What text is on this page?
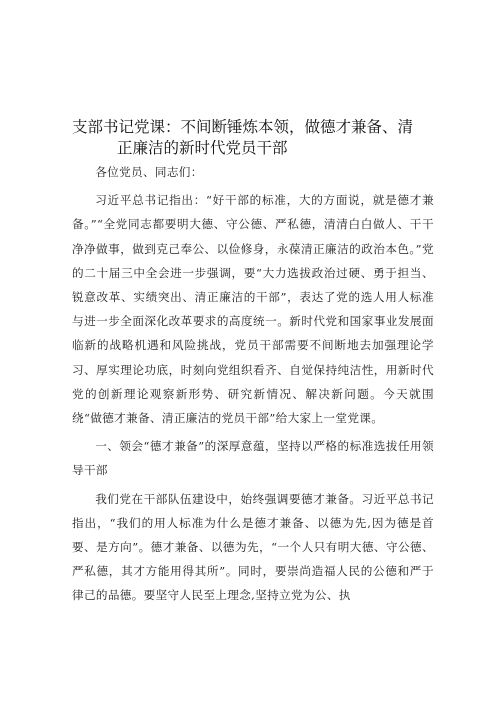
支部书记党课：不间断锤炼本领，做德才兼备、清
正廉洁的新时代党员干部

各位党员、同志们：

习近平总书记指出：“好干部的标准，大的方面说，就是德才兼备。”“全党同志都要明大德、守公德、严私德，清清白白做人、干干净净做事，做到克己奉公、以俭修身，永葆清正廉洁的政治本色。”党的二十届三中全会进一步强调，要“大力选拔政治过硬、勇于担当、锐意改革、实绩突出、清正廉洁的干部”，表达了党的选人用人标准与进一步全面深化改革要求的高度统一。新时代党和国家事业发展面临新的战略机遇和风险挑战，党员干部需要不间断地去加强理论学习、厚实理论功底，时刻向党组织看齐、自觉保持纯洁性，用新时代党的创新理论观察新形势、研究新情况、解决新问题。今天就围绕“做德才兼备、清正廉洁的党员干部”给大家上一堂党课。

一、领会“德才兼备”的深厚意蕴，坚持以严格的标准选拔任用领导干部

我们党在干部队伍建设中，始终强调要德才兼备。习近平总书记指出，“我们的用人标准为什么是德才兼备、以德为先,因为德是首要、是方向”。德才兼备、以德为先，“一个人只有明大德、守公德、严私德，其才方能用得其所”。同时，要崇尚造福人民的公德和严于律己的品德。要坚守人民至上理念,坚持立党为公、执
